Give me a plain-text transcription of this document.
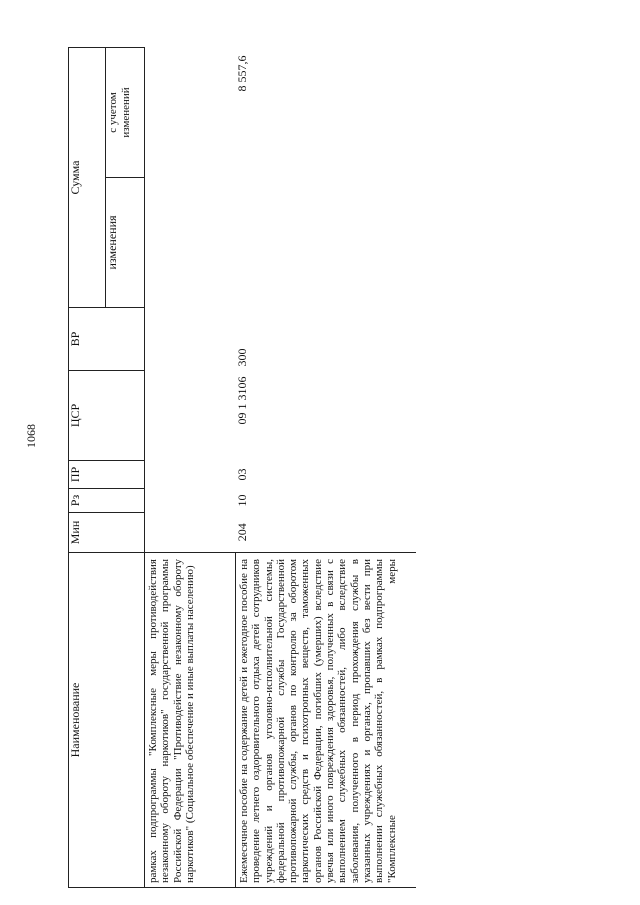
1068
Наименование	Мин	Рз	ПР	ЦСР	ВР	Сумма	
						изменения	с учетом
изменений

рамках подпрограммы "Комплексные меры противодействия незаконному обороту наркотиков" государственной программы Российской Федерации "Противодействие незаконному обороту наркотиков" (Социальное обеспечение и иные выплаты населению)							

Ежемесячное пособие на содержание детей и ежегодное пособие на проведение летнего оздоровительного отдыха детей сотрудников учреждений и органов уголовно-исполнительной системы, федеральной противопожарной службы Государственной противопожарной службы, органов по контролю за оборотом наркотических средств и психотропных веществ, таможенных органов Российской Федерации, погибших (умерших) вследствие увечья или иного повреждения здоровья, полученных в связи с выполнением служебных обязанностей, либо вследствие заболевания, полученного в период прохождения службы в указанных учреждениях и органах, пропавших без вести при выполнении служебных обязанностей, в рамках подпрограммы "Комплексные меры	204	10	03	09 1 3106	300		8 557,6
